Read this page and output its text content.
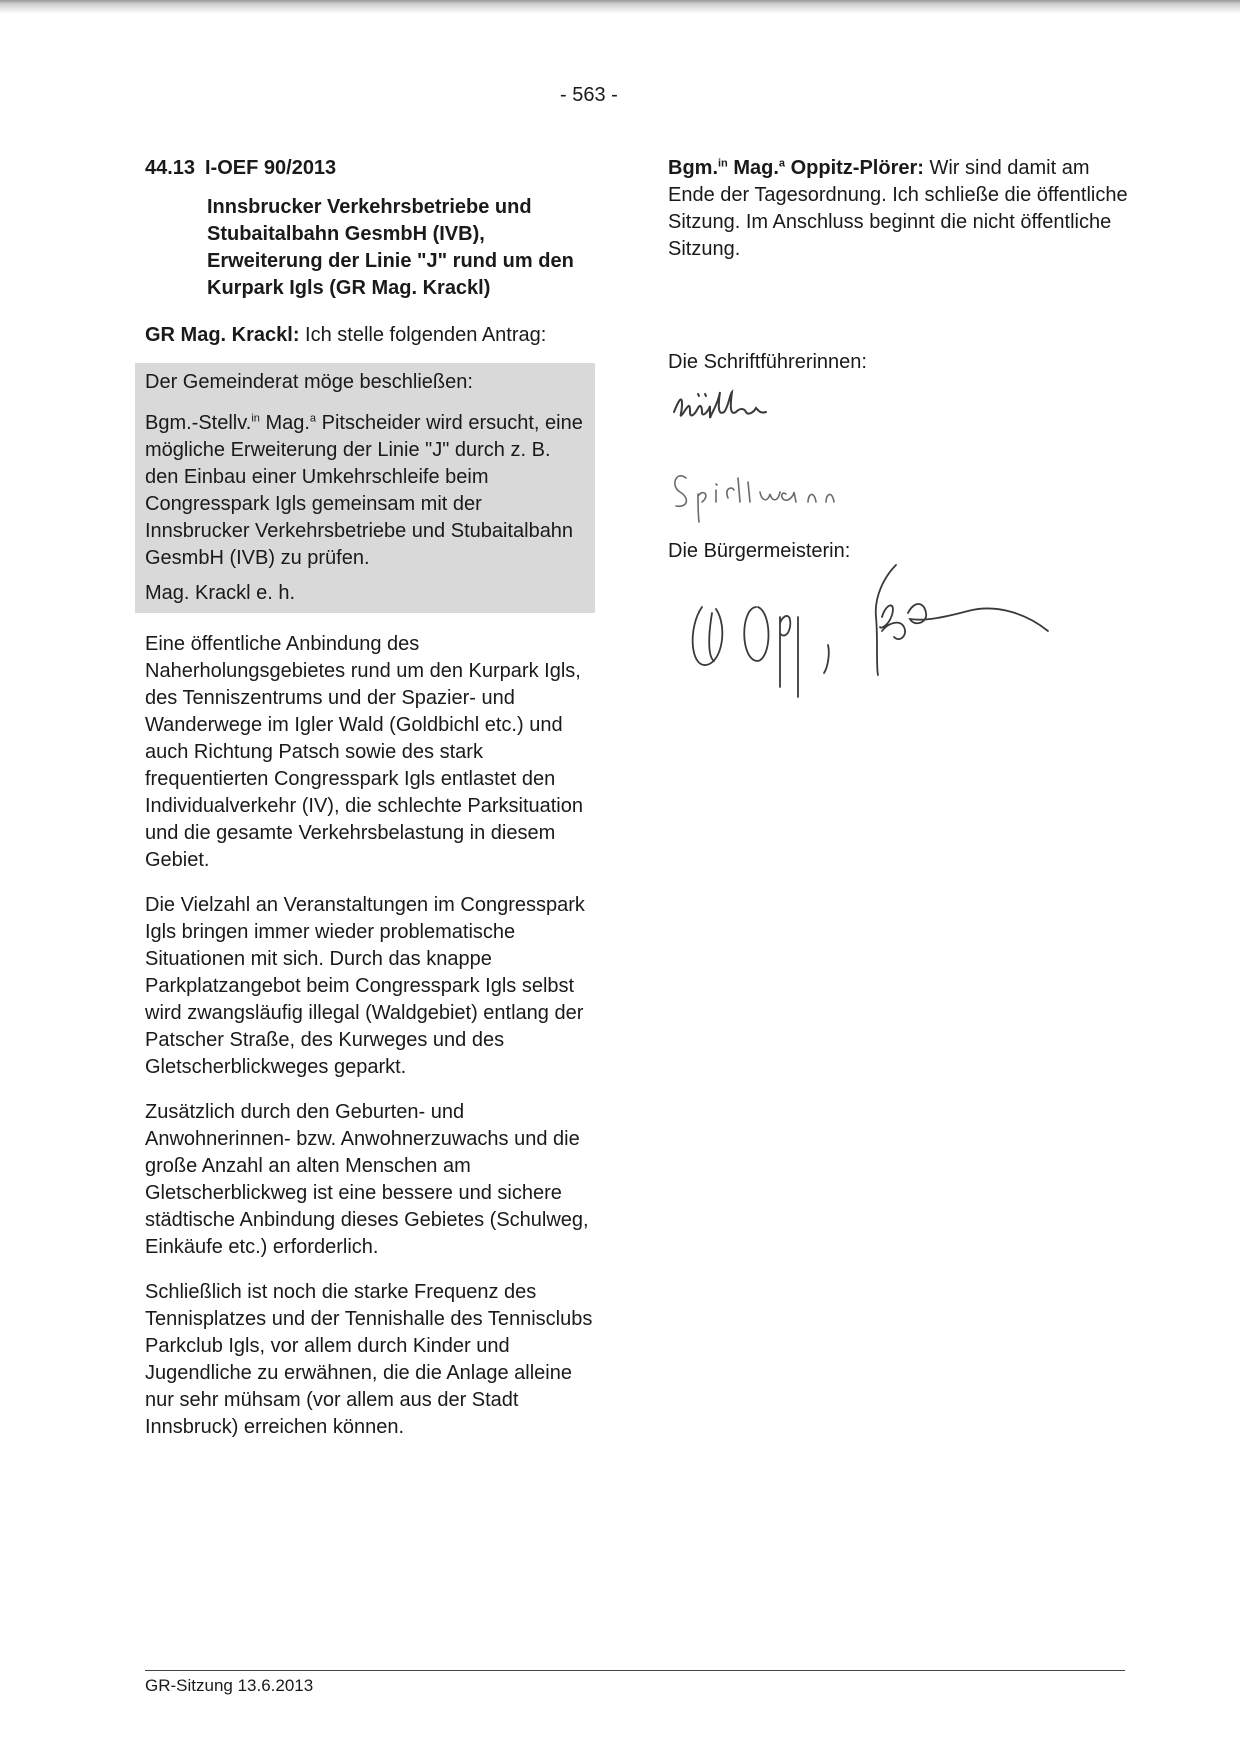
- 563 -

44.13 I-OEF 90/2013

Innsbrucker Verkehrsbetriebe und Stubaitalbahn GesmbH (IVB), Erweiterung der Linie "J" rund um den Kurpark Igls (GR Mag. Krackl)

GR Mag. Krackl: Ich stelle folgenden Antrag:

Der Gemeinderat möge beschließen:

Bgm.-Stellv.$^{in}$ Mag.$^a$ Pitscheider wird ersucht, eine mögliche Erweiterung der Linie "J" durch z. B. den Einbau einer Umkehrschleife beim Congresspark Igls gemeinsam mit der Innsbrucker Verkehrsbetriebe und Stubaitalbahn GesmbH (IVB) zu prüfen.

Mag. Krackl e. h.

Eine öffentliche Anbindung des Naherholungsgebietes rund um den Kurpark Igls, des Tenniszentrums und der Spazier- und Wanderwege im Igler Wald (Goldbichl etc.) und auch Richtung Patsch sowie des stark frequentierten Congresspark Igls entlastet den Individualverkehr (IV), die schlechte Parksituation und die gesamte Verkehrsbelastung in diesem Gebiet.

Die Vielzahl an Veranstaltungen im Congresspark Igls bringen immer wieder problematische Situationen mit sich. Durch das knappe Parkplatzangebot beim Congresspark Igls selbst wird zwangsläufig illegal (Waldgebiet) entlang der Patscher Straße, des Kurweges und des Gletscherblickweges geparkt.

Zusätzlich durch den Geburten- und Anwohnerinnen- bzw. Anwohnerzuwachs und die große Anzahl an alten Menschen am Gletscherblickweg ist eine bessere und sichere städtische Anbindung dieses Gebietes (Schulweg, Einkäufe etc.) erforderlich.

Schließlich ist noch die starke Frequenz des Tennisplatzes und der Tennishalle des Tennisclubs Parkclub Igls, vor allem durch Kinder und Jugendliche zu erwähnen, die die Anlage alleine nur sehr mühsam (vor allem aus der Stadt Innsbruck) erreichen können.

Bgm.$^{in}$ Mag.$^a$ Oppitz-Plörer: Wir sind damit am Ende der Tagesordnung. Ich schließe die öffentliche Sitzung. Im Anschluss beginnt die nicht öffentliche Sitzung.

Die Schriftführerinnen:

Die Bürgermeisterin:

GR-Sitzung 13.6.2013
